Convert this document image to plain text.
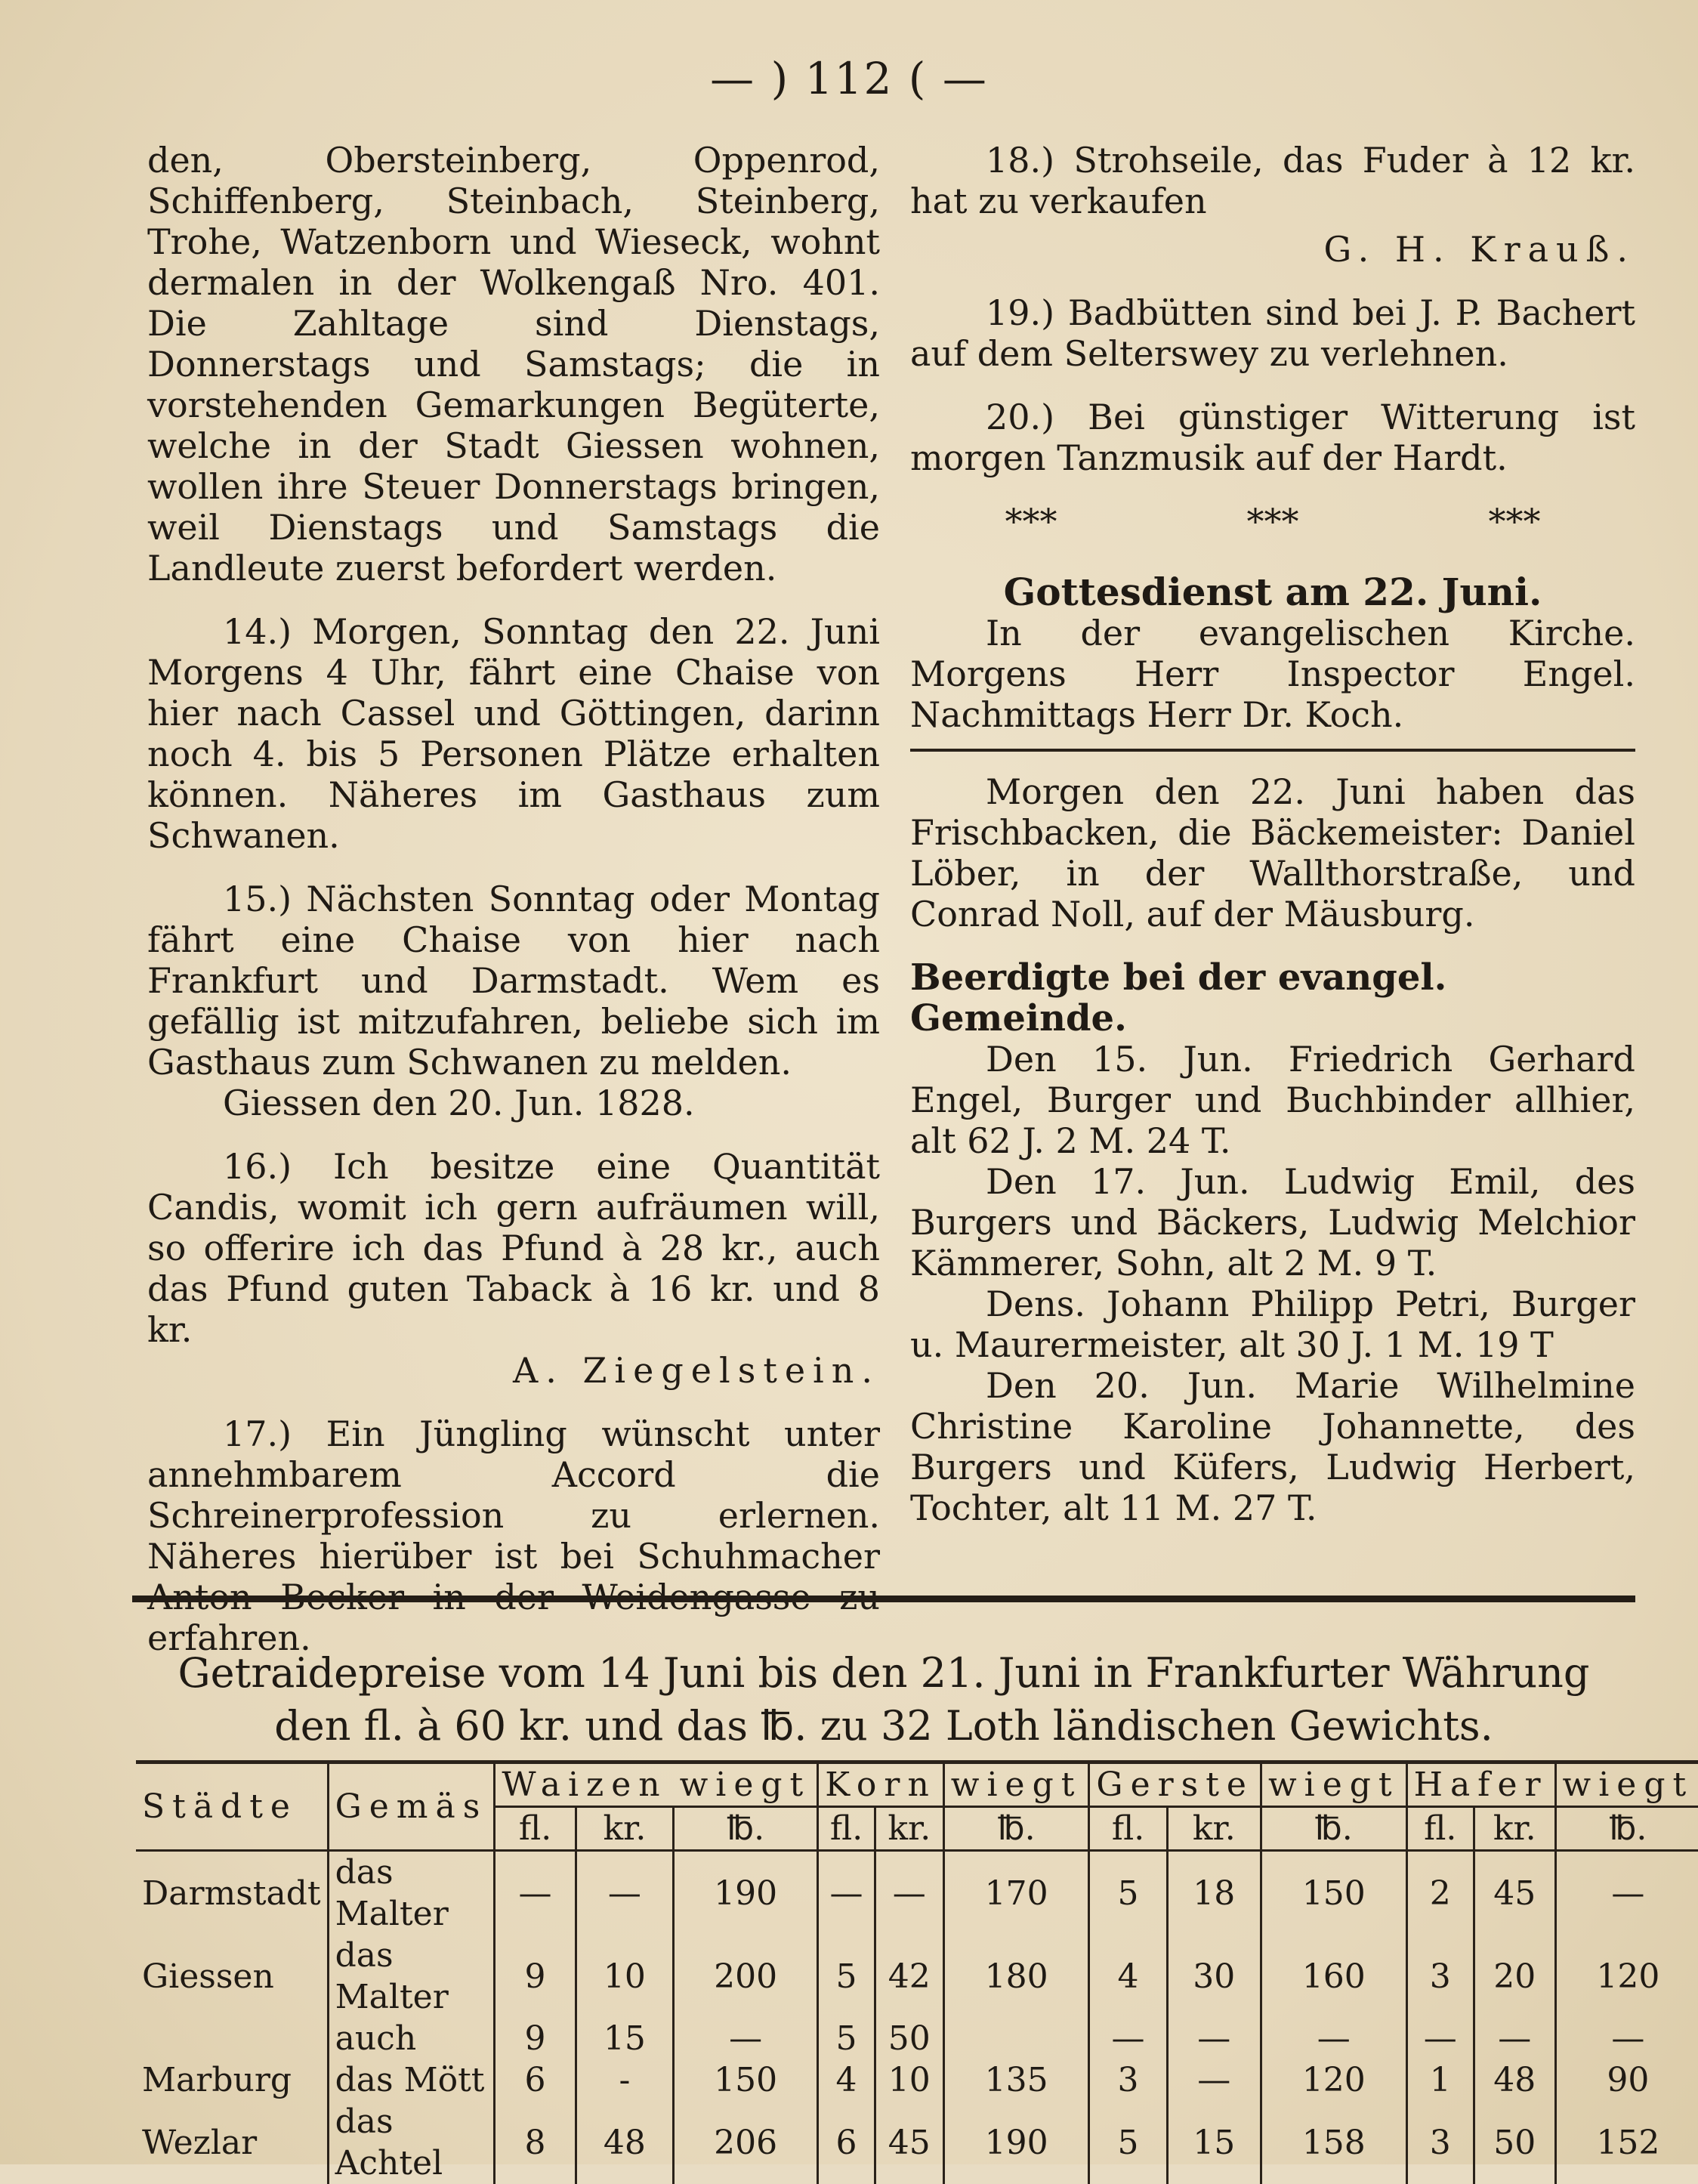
— ) 112 ( —

den, Obersteinberg, Oppenrod, Schiffenberg, Steinbach, Steinberg, Trohe, Watzenborn und Wieseck, wohnt dermalen in der Wolkengaß Nro. 401. Die Zahltage sind Dienstags, Donnerstags und Samstags; die in vorstehenden Gemarkungen Begüterte, welche in der Stadt Giessen wohnen, wollen ihre Steuer Donnerstags bringen, weil Dienstags und Samstags die Landleute zuerst befordert werden.

14.) Morgen, Sonntag den 22. Juni Morgens 4 Uhr, fährt eine Chaise von hier nach Cassel und Göttingen, darinn noch 4. bis 5 Personen Plätze erhalten können. Näheres im Gasthaus zum Schwanen.

15.) Nächsten Sonntag oder Montag fährt eine Chaise von hier nach Frankfurt und Darmstadt. Wem es gefällig ist mitzufahren, beliebe sich im Gasthaus zum Schwanen zu melden.

Giessen den 20. Jun. 1828.

16.) Ich besitze eine Quantität Candis, womit ich gern aufräumen will, so offerire ich das Pfund à 28 kr., auch das Pfund guten Taback à 16 kr. und 8 kr.

A. Ziegelstein.

17.) Ein Jüngling wünscht unter annehmbarem Accord die Schreinerprofession zu erlernen. Näheres hierüber ist bei Schuhmacher Anton Becker in der Weidengasse zu erfahren.

18.) Strohseile, das Fuder à 12 kr. hat zu verkaufen

G. H. Krauß.

19.) Badbütten sind bei J. P. Bachert auf dem Selterswey zu verlehnen.

20.) Bei günstiger Witterung ist morgen Tanzmusik auf der Hardt.

***	***	***
Gottesdienst am 22. Juni.

In der evangelischen Kirche. Morgens Herr Inspector Engel. Nachmittags Herr Dr. Koch.

Morgen den 22. Juni haben das Frischbacken, die Bäckemeister: Daniel Löber, in der Wallthorstraße, und Conrad Noll, auf der Mäusburg.

Beerdigte bei der evangel. Gemeinde.

Den 15. Jun. Friedrich Gerhard Engel, Burger und Buchbinder allhier, alt 62 J. 2 M. 24 T.

Den 17. Jun. Ludwig Emil, des Burgers und Bäckers, Ludwig Melchior Kämmerer, Sohn, alt 2 M. 9 T.

Dens. Johann Philipp Petri, Burger u. Maurermeister, alt 30 J. 1 M. 19 T

Den 20. Jun. Marie Wilhelmine Christine Karoline Johannette, des Burgers und Küfers, Ludwig Herbert, Tochter, alt 11 M. 27 T.

Getraidepreise vom 14 Juni bis den 21. Juni in Frankfurter Währung
den fl. à 60 kr. und das ℔. zu 32 Loth ländischen Gewichts.
Städte	Gemäs	Waizen		wiegt	Korn		wiegt	Gerste		wiegt	Hafer		wiegt
		fl.	kr.	℔.	fl.	kr.	℔.	fl.	kr.	℔.	fl.	kr.	℔.
Darmstadt	das Malter	—	—	190	—	—	170	5	18	150	2	45	—
Giessen	das Malter	9	10	200	5	42	180	4	30	160	3	20	120
	auch	9	15	—	5	50		—	—	—	—	—	—
Marburg	das Mött	6	-	150	4	10	135	3	—	120	1	48	90
Wezlar	das Achtel	8	48	206	6	45	190	5	15	158	3	50	152
